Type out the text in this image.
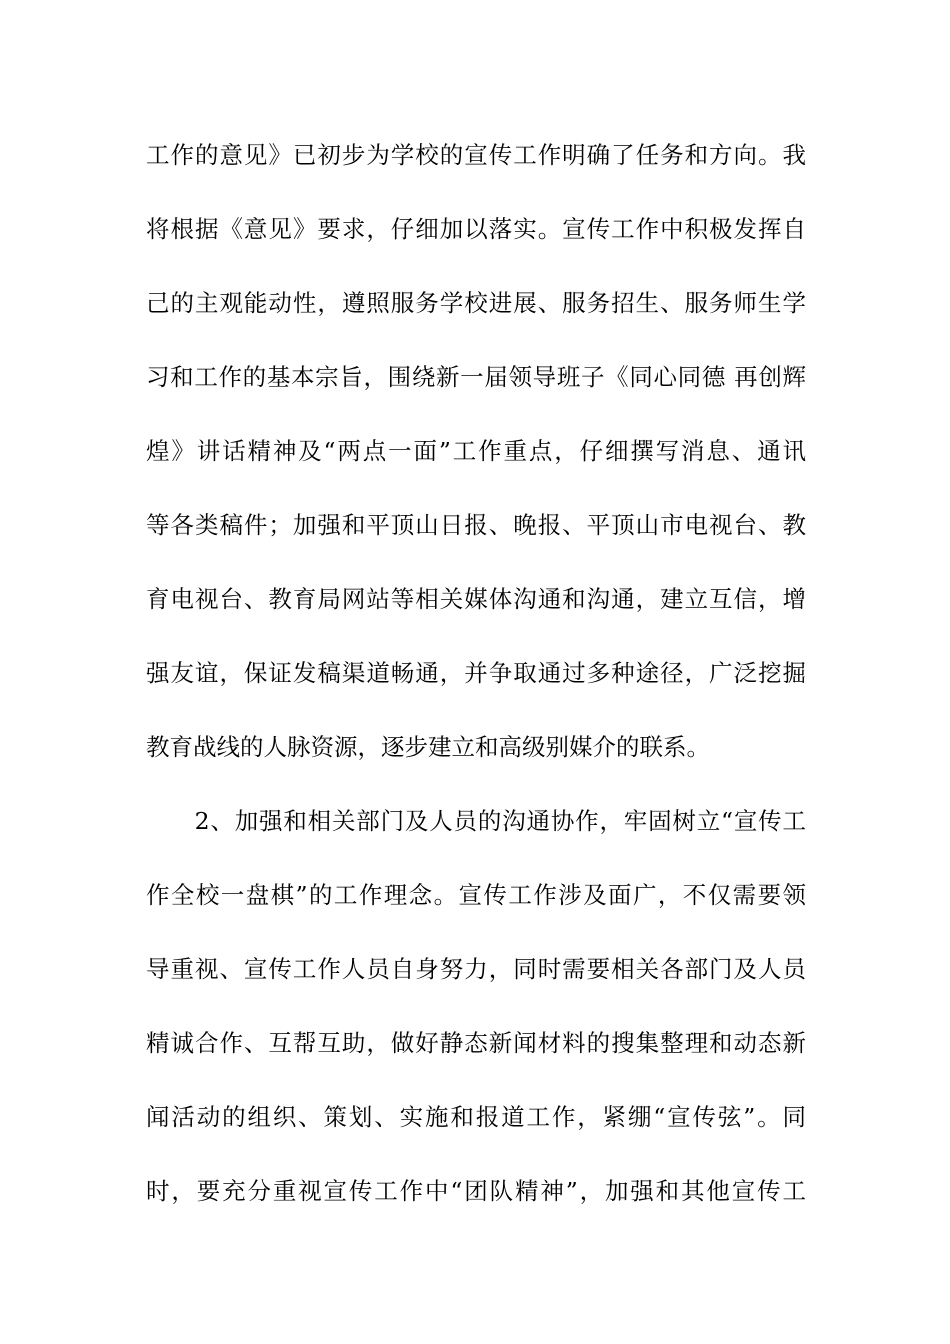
工作的意见》已初步为学校的宣传工作明确了任务和方向。我
将根据《意见》要求，仔细加以落实。宣传工作中积极发挥自
己的主观能动性，遵照服务学校进展、服务招生、服务师生学
习和工作的基本宗旨，围绕新一届领导班子《同心同德 再创辉
煌》讲话精神及“两点一面”工作重点，仔细撰写消息、通讯
等各类稿件；加强和平顶山日报、晚报、平顶山市电视台、教
育电视台、教育局网站等相关媒体沟通和沟通，建立互信，增
强友谊，保证发稿渠道畅通，并争取通过多种途径，广泛挖掘
教育战线的人脉资源，逐步建立和高级别媒介的联系。
　　2、加强和相关部门及人员的沟通协作，牢固树立“宣传工
作全校一盘棋”的工作理念。宣传工作涉及面广，不仅需要领
导重视、宣传工作人员自身努力，同时需要相关各部门及人员
精诚合作、互帮互助，做好静态新闻材料的搜集整理和动态新
闻活动的组织、策划、实施和报道工作，紧绷“宣传弦”。同
时，要充分重视宣传工作中“团队精神”，加强和其他宣传工
